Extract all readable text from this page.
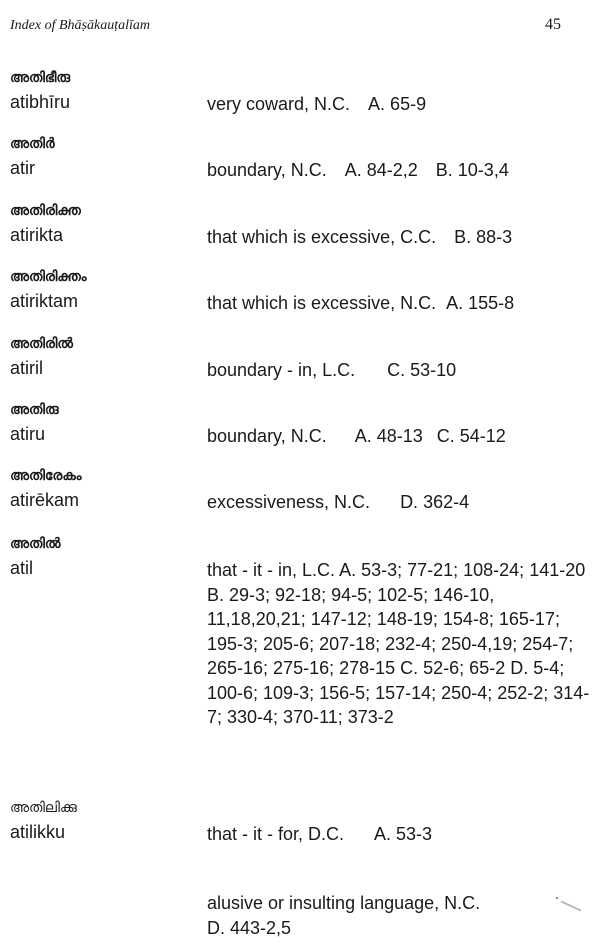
Index of Bhāṣākauṭalīam	45
അതിഭീരു
atibhīru	very coward, N.C. A. 65-9
അതിർ
atir	boundary, N.C. A. 84-2,2 B. 10-3,4
അതിരിക്ത
atirikta	that which is excessive, C.C. B. 88-3
അതിരിക്തം
atiriktam	that which is excessive, N.C. A. 155-8
അതിരിൽ
atiril	boundary - in, L.C. C. 53-10
അതിരു
atiru	boundary, N.C. A. 48-13 C. 54-12
അതിരേകം
atirēkam	excessiveness, N.C. D. 362-4
അതിൽ
atil	that - it - in, L.C. A. 53-3; 77-21; 108-24; 141-20 B. 29-3; 92-18; 94-5; 102-5; 146-10, 11,18,20,21; 147-12; 148-19; 154-8; 165-17; 195-3; 205-6; 207-18; 232-4; 250-4,19; 254-7; 265-16; 275-16; 278-15 C. 52-6; 65-2 D. 5-4; 100-6; 109-3; 156-5; 157-14; 250-4; 252-2; 314-7; 330-4; 370-11; 373-2
അതിലിക്കു
atilikku	that - it - for, D.C. A. 53-3
alusive or insulting language, N.C.
D. 443-2,5
